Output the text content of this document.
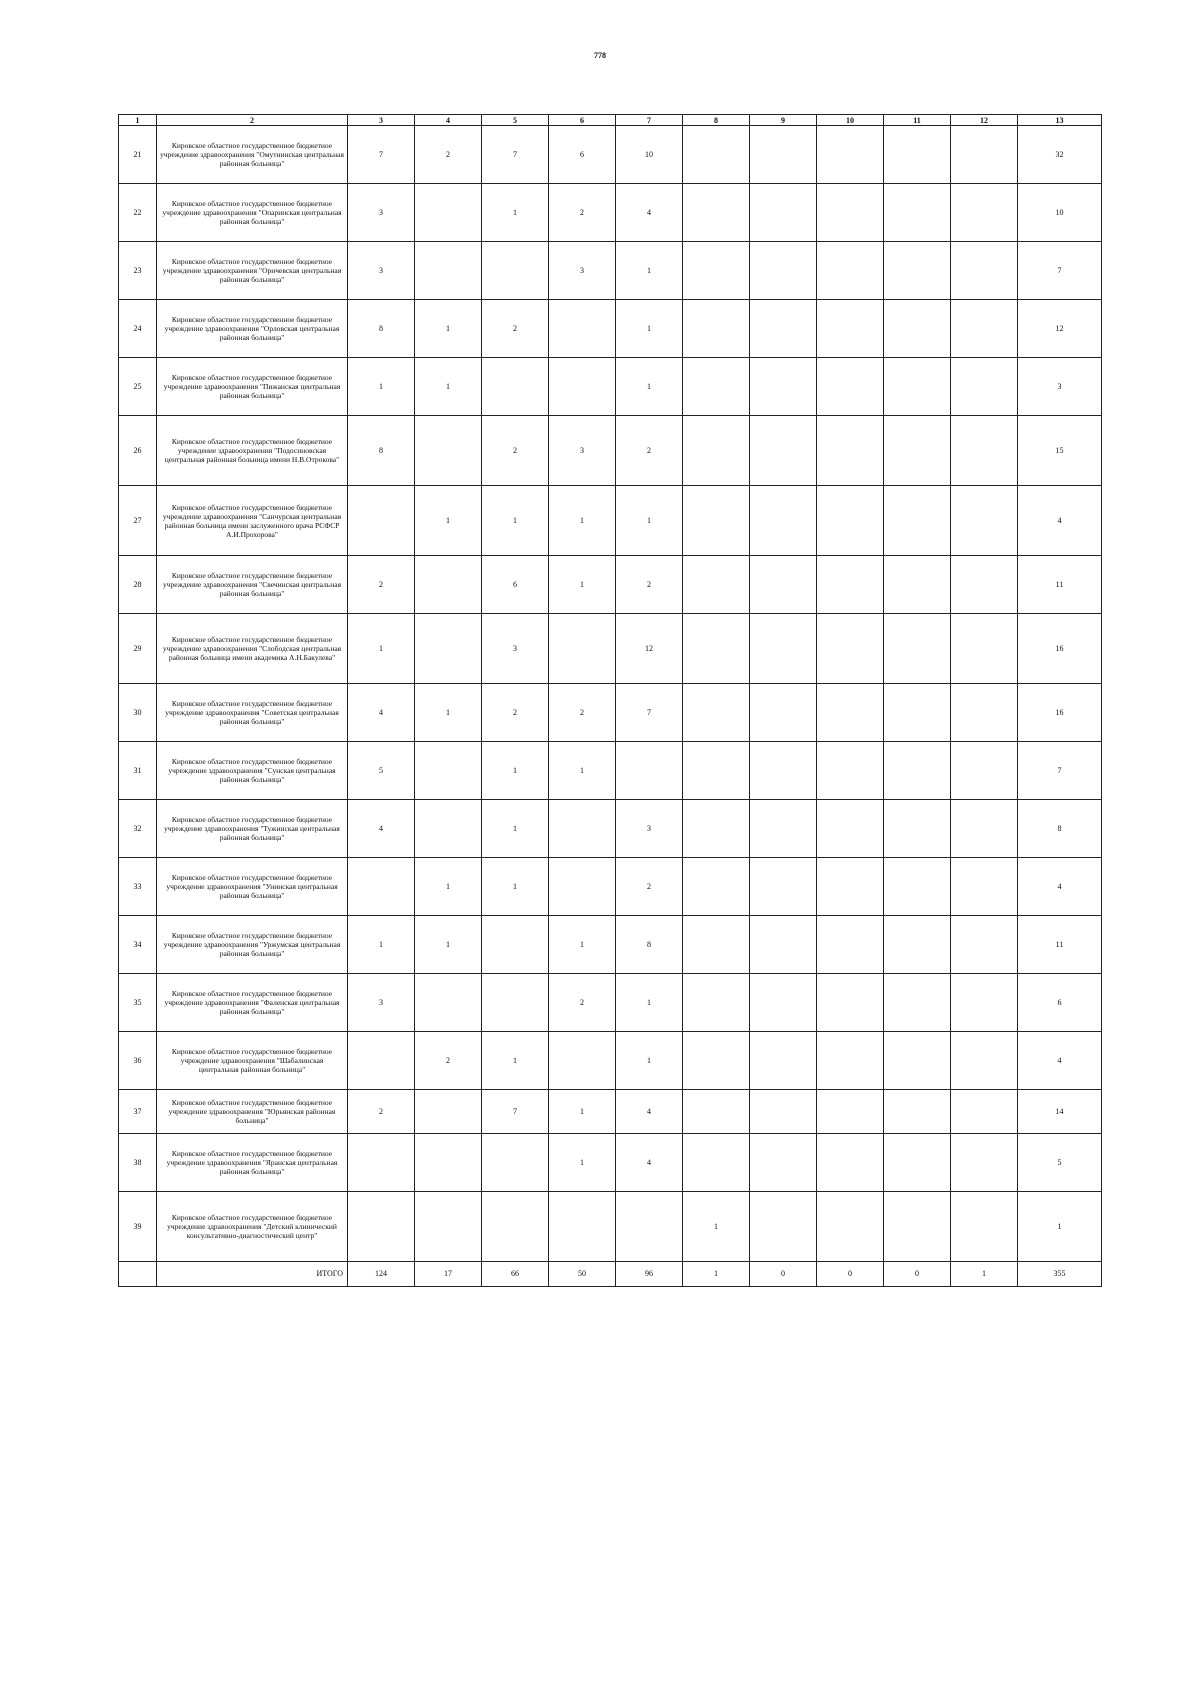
778
1	2	3	4	5	6	7	8	9	10	11	12	13
21	Кировское областное государственное бюджетное учреждение здравоохранения "Омутнинская центральная районная больница"	7	2	7	6	10						32
22	Кировское областное государственное бюджетное учреждение здравоохранения "Опаринская центральная районная больница"	3		1	2	4						10
23	Кировское областное государственное бюджетное учреждение здравоохранения "Оричевская центральная районная больница"	3			3	1						7
24	Кировское областное государственное бюджетное учреждение здравоохранения "Орловская центральная районная больница"	8	1	2		1						12
25	Кировское областное государственное бюджетное учреждение здравоохранения "Пижанская центральная районная больница"	1	1			1						3
26	Кировское областное государственное бюджетное учреждение здравоохранения "Подосиновская центральная районная больница имени Н.В.Отрокова"	8		2	3	2						15
27	Кировское областное государственное бюджетное учреждение здравоохранения "Санчурская центральная районная больница имени заслуженного врача РСФСР А.И.Прохорова"		1	1	1	1						4
28	Кировское областное государственное бюджетное учреждение здравоохранения "Свечинская центральная районная больница"	2		6	1	2						11
29	Кировское областное государственное бюджетное учреждение здравоохранения "Слободская центральная районная больница имени академика А.Н.Бакулева"	1		3		12						16
30	Кировское областное государственное бюджетное учреждение здравоохранения "Советская центральная районная больница"	4	1	2	2	7						16
31	Кировское областное государственное бюджетное учреждение здравоохранения "Сунская центральная районная больница"	5		1	1							7
32	Кировское областное государственное бюджетное учреждение здравоохранения "Тужинская центральная районная больница"	4		1		3						8
33	Кировское областное государственное бюджетное учреждение здравоохранения "Унинская центральная районная больница"		1	1		2						4
34	Кировское областное государственное бюджетное учреждение здравоохранения "Уржумская центральная районная больница"	1	1		1	8						11
35	Кировское областное государственное бюджетное учреждение здравоохранения "Фаленская центральная районная больница"	3			2	1						6
36	Кировское областное государственное бюджетное учреждение здравоохранения "Шабалинская центральная районная больница"		2	1		1						4
37	Кировское областное государственное бюджетное учреждение здравоохранения "Юрьянская районная больница"	2		7	1	4						14
38	Кировское областное государственное бюджетное учреждение здравоохранения "Яранская центральная районная больница"				1	4						5
39	Кировское областное государственное бюджетное учреждение здравоохранения "Детский клинический консультативно-диагностический центр"						1					1
	ИТОГО	124	17	66	50	96	1	0	0	0	1	355
